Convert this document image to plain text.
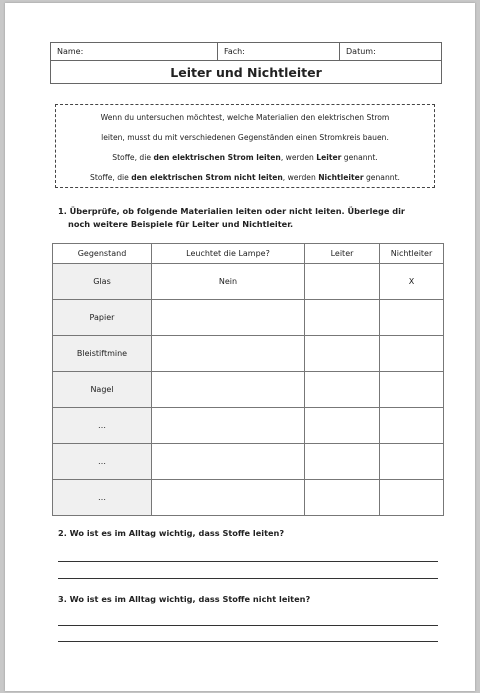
Name:	Fach:	Datum:
Leiter und Nichtleiter
Wenn du untersuchen möchtest, welche Materialien den elektrischen Strom
leiten, musst du mit verschiedenen Gegenständen einen Stromkreis bauen.
Stoffe, die den elektrischen Strom leiten, werden Leiter genannt.
Stoffe, die den elektrischen Strom nicht leiten, werden Nichtleiter genannt.
1. Überprüfe, ob folgende Materialien leiten oder nicht leiten. Überlege dir
noch weitere Beispiele für Leiter und Nichtleiter.
Gegenstand	Leuchtet die Lampe?	Leiter	Nichtleiter
Glas	Nein		X
Papier			
Bleistiftmine			
Nagel			
…			
…			
…			
2. Wo ist es im Alltag wichtig, dass Stoffe leiten?
3. Wo ist es im Alltag wichtig, dass Stoffe nicht leiten?
